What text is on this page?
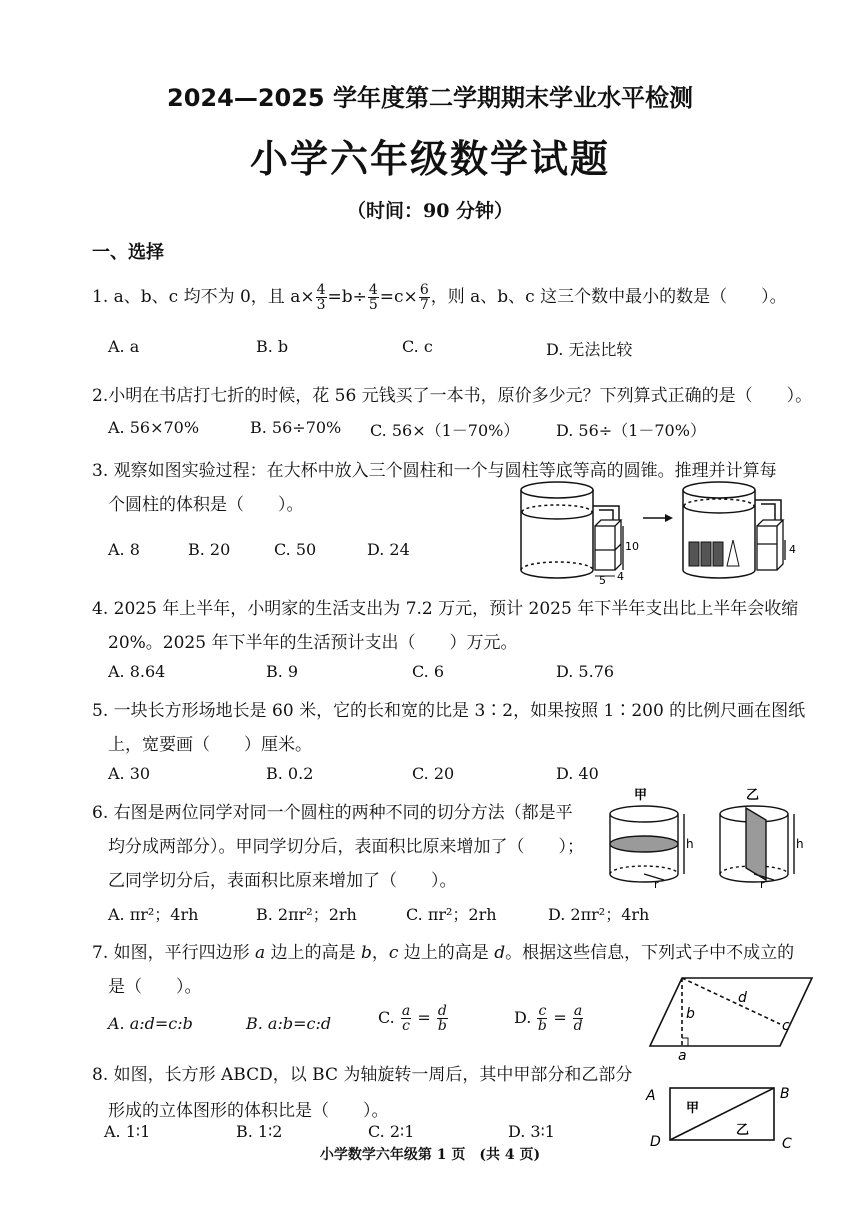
2024—2025 学年度第二学期期末学业水平检测
小学六年级数学试题
（时间：90 分钟）
一、选择
1. a、b、c 均不为 0，且 $a\times \frac{4}{3} =b\div \frac{4}{5} =c\times \frac{6}{7}$ ，则 a、b、c 这三个数中最小的数是（　　）。
A. a	B. b	C. c	D. 无法比较
2.小明在书店打七折的时候，花 56 元钱买了一本书，原价多少元？下列算式正确的是（　　）。
A. 56×70%	B. 56÷70% C. 56×（1－70%） D. 56÷（1－70%）
3. 观察如图实验过程：在大杯中放入三个圆柱和一个与圆柱等底等高的圆锥。推理并计算每
个圆柱的体积是（　　）。
A. 8	B. 20	C. 50	D. 24	10
5 4
4
4. 2025 年上半年，小明家的生活支出为 7.2 万元，预计 2025 年下半年支出比上半年会收缩
20%。2025 年下半年的生活预计支出（　　）万元。
A. 8.64	B. 9	C. 6	D. 5.76
5. 一块长方形场地长是 60 米，它的长和宽的比是 3∶2，如果按照 1∶200 的比例尺画在图纸
上，宽要画（　　）厘米。
A. 30	B. 0.2	C. 20	D. 40
6. 右图是两位同学对同一个圆柱的两种不同的切分方法（都是平
均分成两部分）。甲同学切分后，表面积比原来增加了（　　）；
乙同学切分后，表面积比原来增加了（　　）。
A. πr²；4rh	B. 2πr²；2rh	C. πr²；2rh	D. 2πr²；4rh
甲
h
r
乙
h
r
7. 如图，平行四边形 a 边上的高是 b，c 边上的高是 d。根据这些信息，下列式子中不成立的
是（　　）。
A. a:d=c:b	B. a:b=c:d	C. $\frac{a}{c} = \frac{d}{b}$	D. $\frac{c}{b} = \frac{a}{d}$	b
d
c
a
8. 如图，长方形 ABCD，以 BC 为轴旋转一周后，其中甲部分和乙部分
形成的立体图形的体积比是（　　）。
A. 1∶1	B. 1∶2	C. 2∶1	D. 3∶1
A	B
D	C
甲
乙
小学数学六年级第 1 页　(共 4 页)
